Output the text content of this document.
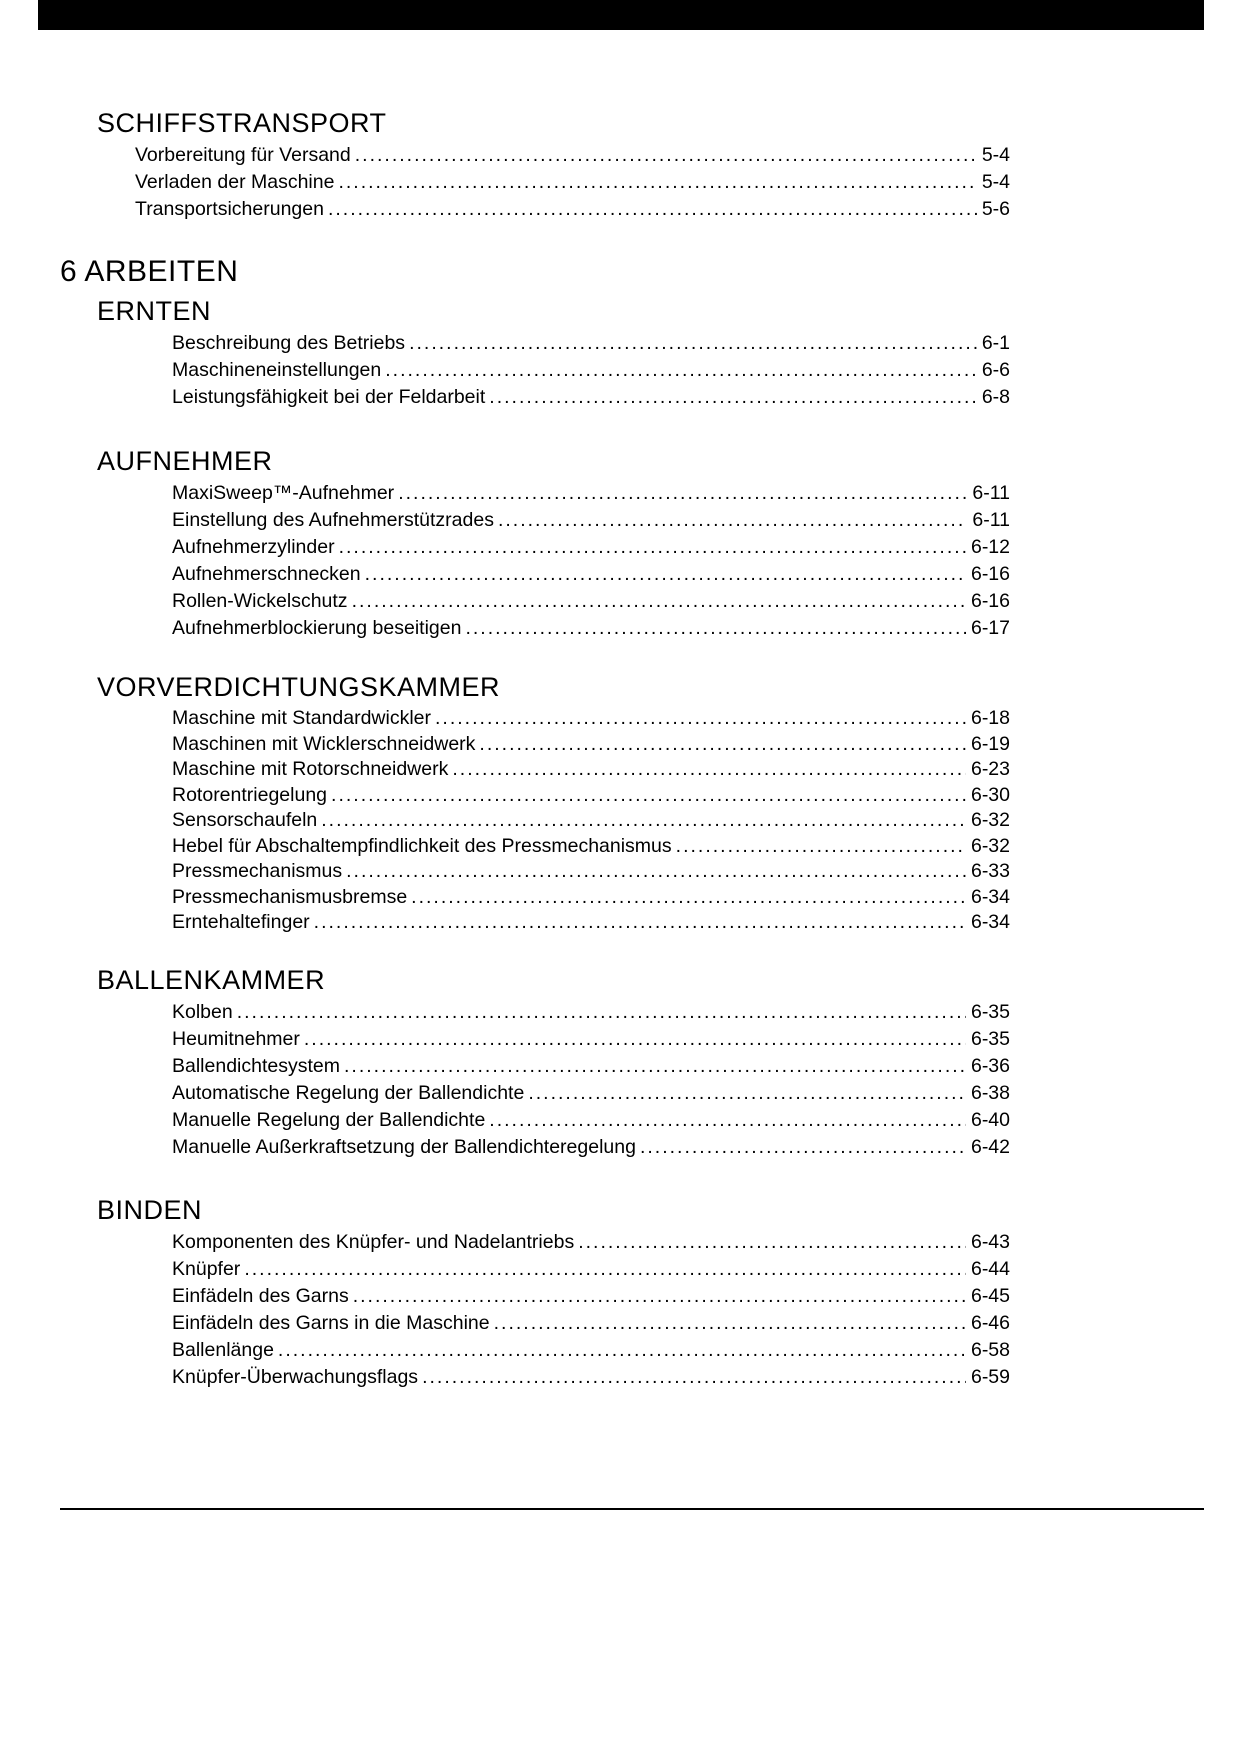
SCHIFFSTRANSPORT
Vorbereitung für Versand .....	5-4
Verladen der Maschine .....	5-4
Transportsicherungen .....	5-6
6 ARBEITEN
ERNTEN
Beschreibung des Betriebs .....	6-1
Maschineneinstellungen .....	6-6
Leistungsfähigkeit bei der Feldarbeit .....	6-8
AUFNEHMER
MaxiSweep™-Aufnehmer .....	6-11
Einstellung des Aufnehmerstützrades .....	6-11
Aufnehmerzylinder .....	6-12
Aufnehmerschnecken .....	6-16
Rollen-Wickelschutz .....	6-16
Aufnehmerblockierung beseitigen .....	6-17
VORVERDICHTUNGSKAMMER
Maschine mit Standardwickler .....	6-18
Maschinen mit Wicklerschneidwerk .....	6-19
Maschine mit Rotorschneidwerk .....	6-23
Rotorentriegelung .....	6-30
Sensorschaufeln .....	6-32
Hebel für Abschaltempfindlichkeit des Pressmechanismus .....	6-32
Pressmechanismus .....	6-33
Pressmechanismusbremse .....	6-34
Erntehaltefinger .....	6-34
BALLENKAMMER
Kolben .....	6-35
Heumitnehmer .....	6-35
Ballendichtesystem .....	6-36
Automatische Regelung der Ballendichte .....	6-38
Manuelle Regelung der Ballendichte .....	6-40
Manuelle Außerkraftsetzung der Ballendichteregelung .....	6-42
BINDEN
Komponenten des Knüpfer- und Nadelantriebs .....	6-43
Knüpfer .....	6-44
Einfädeln des Garns .....	6-45
Einfädeln des Garns in die Maschine .....	6-46
Ballenlänge .....	6-58
Knüpfer-Überwachungsflags .....	6-59
